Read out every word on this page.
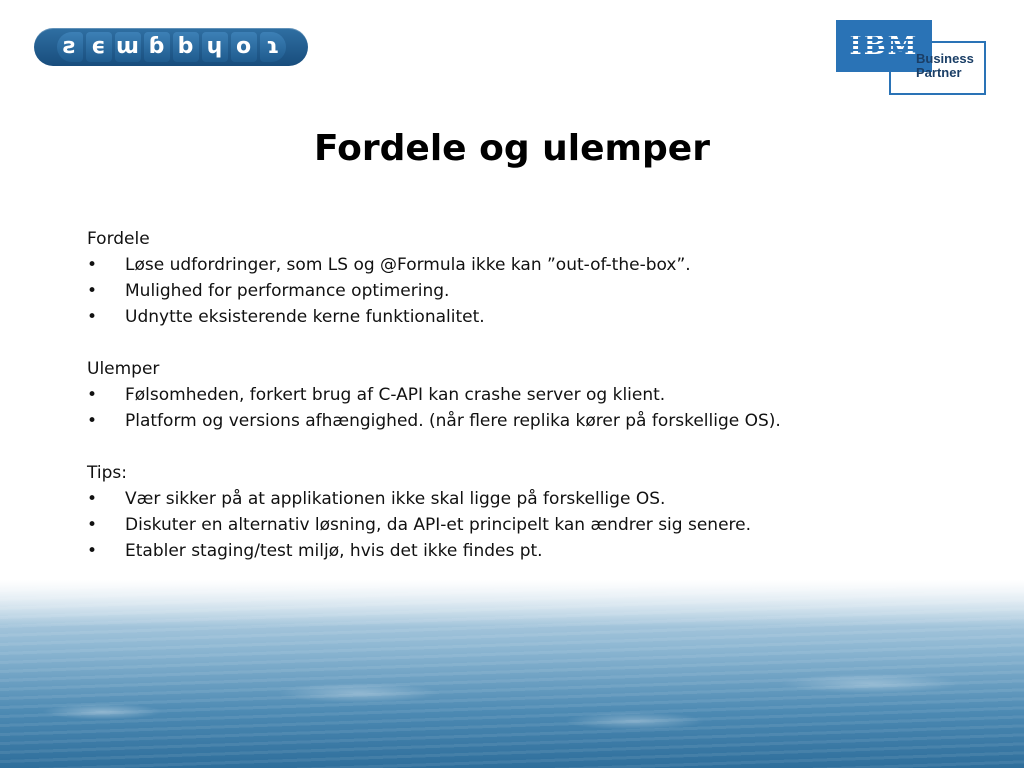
ƨ ϵ ɯ ɓ b ɥ o ɿ	IBM
Business
Partner
Fordele og ulemper

Fordele

• Løse udfordringer, som LS og @Formula ikke kan ”out-of-the-box”.
• Mulighed for performance optimering.
• Udnytte eksisterende kerne funktionalitet.

Ulemper

• Følsomheden, forkert brug af C-API kan crashe server og klient.
• Platform og versions afhængighed. (når flere replika kører på forskellige OS).

Tips:

• Vær sikker på at applikationen ikke skal ligge på forskellige OS.
• Diskuter en alternativ løsning, da API-et principelt kan ændrer sig senere.
• Etabler staging/test miljø, hvis det ikke findes pt.
